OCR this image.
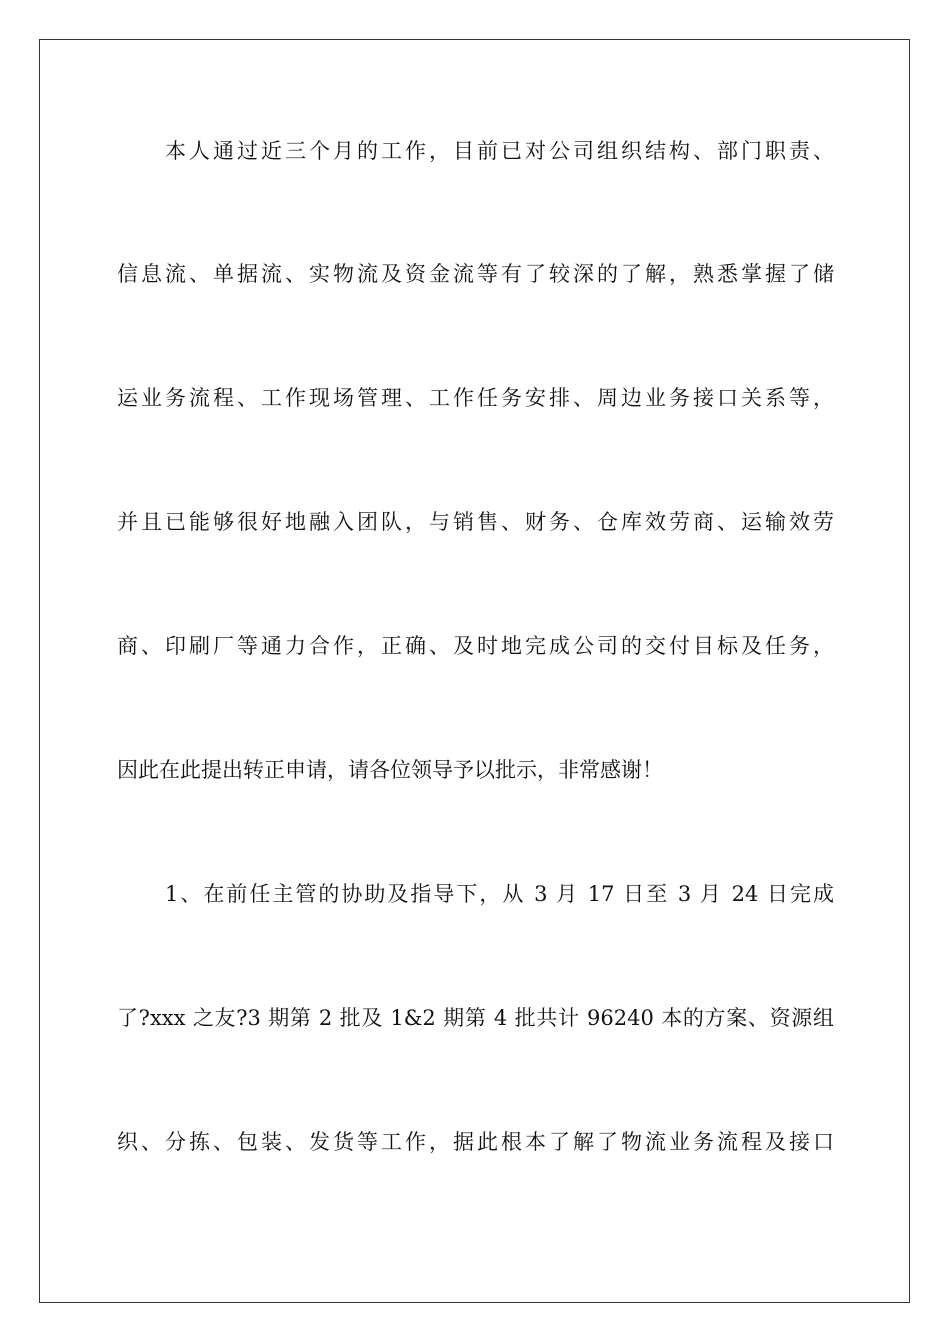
本人通过近三个月的工作，目前已对公司组织结构、部门职责、
信息流、单据流、实物流及资金流等有了较深的了解，熟悉掌握了储
运业务流程、工作现场管理、工作任务安排、周边业务接口关系等，
并且已能够很好地融入团队，与销售、财务、仓库效劳商、运输效劳
商、印刷厂等通力合作，正确、及时地完成公司的交付目标及任务，
因此在此提出转正申请，请各位领导予以批示，非常感谢！
1、在前任主管的协助及指导下，从 3 月 17 日至 3 月 24 日完成
了?xxx 之友?3 期第 2 批及 1&2 期第 4 批共计 96240 本的方案、资源组
织、分拣、包装、发货等工作，据此根本了解了物流业务流程及接口
